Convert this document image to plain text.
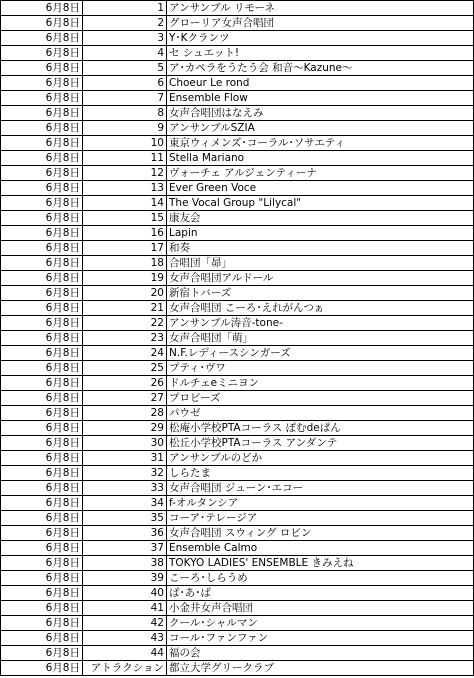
6月8日	1	アンサンブル リモーネ
6月8日	2	グローリア女声合唱団
6月8日	3	Y･Kクランツ
6月8日	4	セ シュエット!
6月8日	5	ア･カペラをうたう会 和音～Kazune～
6月8日	6	Choeur Le rond
6月8日	7	Ensemble Flow
6月8日	8	女声合唱団はなえみ
6月8日	9	アンサンブルSZIA
6月8日	10	東京ウィメンズ･コーラル･ソサエティ
6月8日	11	Stella Mariano
6月8日	12	ヴォーチェ アルジェンティーナ
6月8日	13	Ever Green Voce
6月8日	14	The Vocal Group "Lilycal"
6月8日	15	康友会
6月8日	16	Lapin
6月8日	17	和奏
6月8日	18	合唱団「昴」
6月8日	19	女声合唱団アルドール
6月8日	20	新宿トバーズ
6月8日	21	女声合唱団 こーろ･えれがんつぁ
6月8日	22	アンサンブル涛音-tone-
6月8日	23	女声合唱団「萌」
6月8日	24	N.F.レディースシンガーズ
6月8日	25	プティ･ヴワ
6月8日	26	ドルチェeミニヨン
6月8日	27	プロビーズ
6月8日	28	パウゼ
6月8日	29	松庵小学校PTAコーラス ぽむdeぱん
6月8日	30	松丘小学校PTAコーラス アンダンテ
6月8日	31	アンサンブルのどか
6月8日	32	しらたま
6月8日	33	女声合唱団 ジューン･エコー
6月8日	34	f-オルタンシア
6月8日	35	コーア･テレージア
6月8日	36	女声合唱団 スウィング ロビン
6月8日	37	Ensemble Calmo
6月8日	38	TOKYO LADIES' ENSEMBLE きみえね
6月8日	39	こーろ･しらうめ
6月8日	40	ば･あ･ば
6月8日	41	小金井女声合唱団
6月8日	42	クール･シャルマン
6月8日	43	コール･ファンファン
6月8日	44	福の会
6月8日	アトラクション	都立大学グリークラブ
